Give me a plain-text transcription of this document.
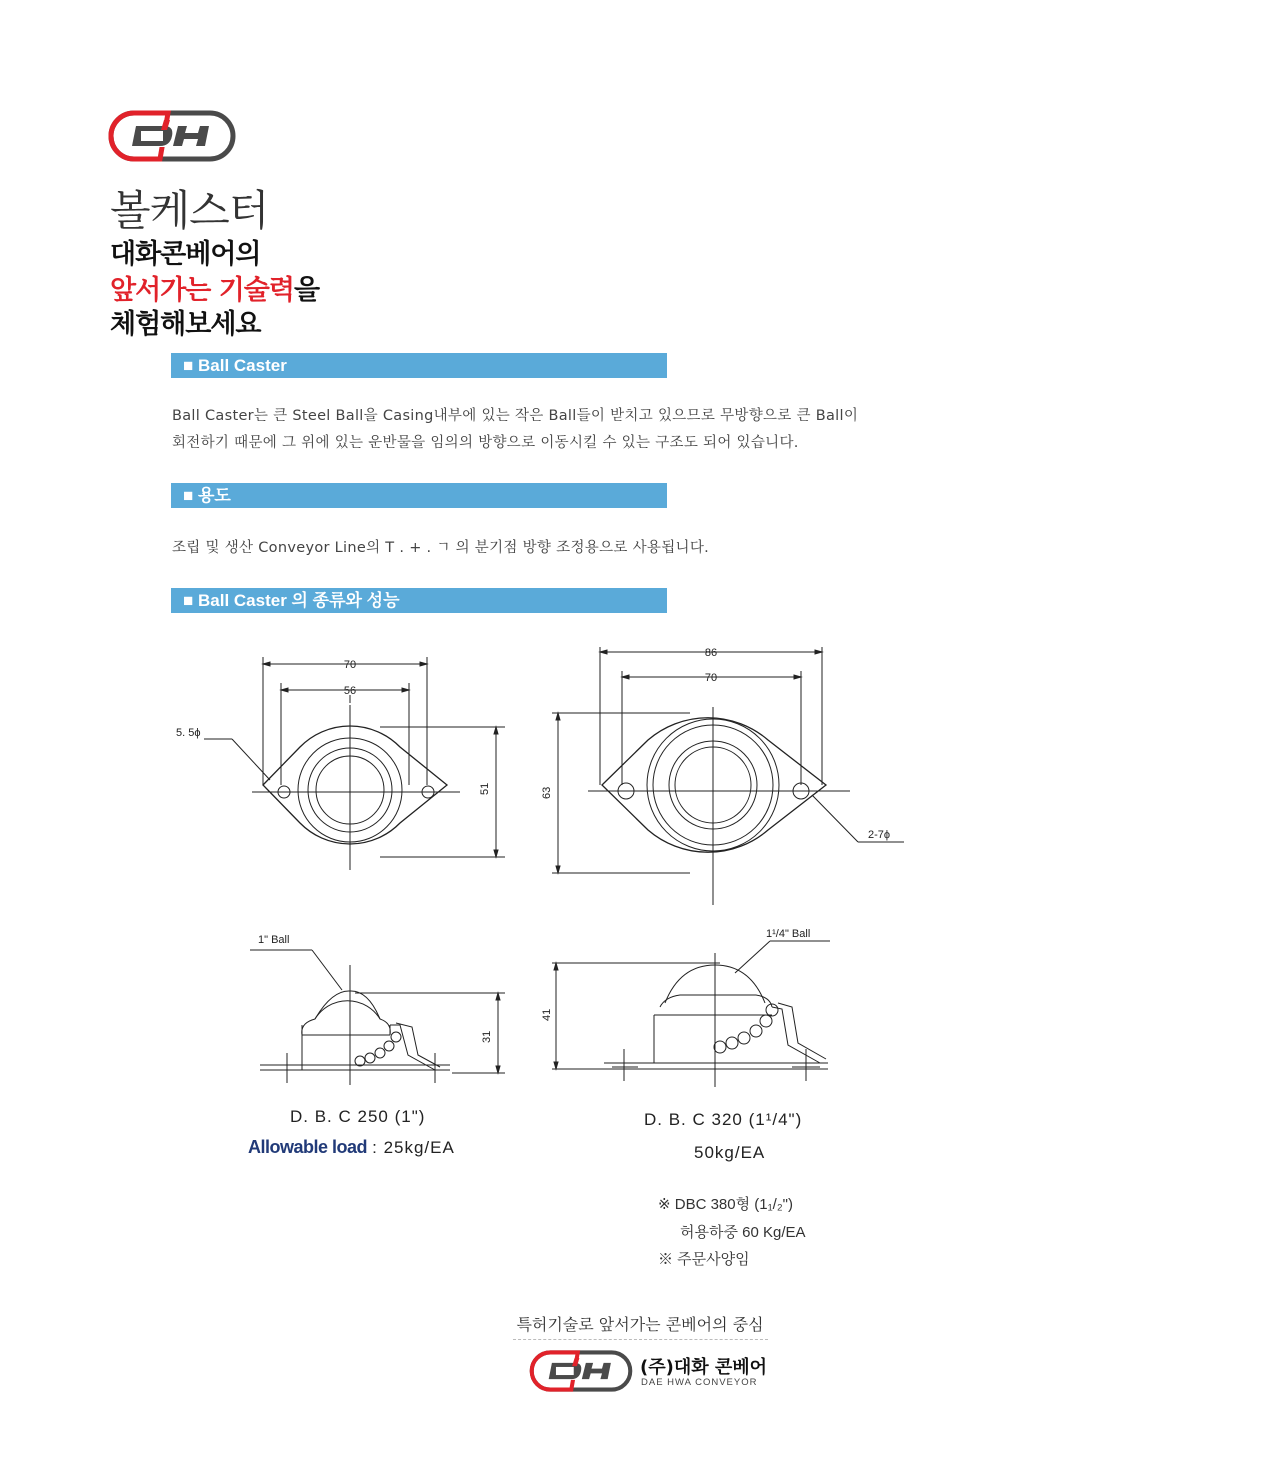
볼케스터
대화콘베어의
앞서가는 기술력을
체험해보세요
■ Ball Caster
Ball Caster는 큰 Steel Ball을 Casing내부에 있는 작은 Ball들이 받치고 있으므로 무방향으로 큰 Ball이
회전하기 때문에 그 위에 있는 운반물을 임의의 방향으로 이동시킬 수 있는 구조도 되어 있습니다.
■ 용도
조립 및 생산 Conveyor Line의 T . + . ㄱ 의 분기점 방향 조정용으로 사용됩니다.
■ Ball Caster 의 종류와 성능
70
56
5. 5ϕ
51
86
70
63
2-7ϕ
1" Ball
31
1¹/4" Ball
41
D. B. C 250 (1")
Allowable load : 25kg/EA
D. B. C 320 (1¹/4")
50kg/EA
※ DBC 380형 (1₁/₂")
허용하중 60 Kg/EA
※ 주문사양임
특허기술로 앞서가는 콘베어의 중심
(주)대화 콘베어
DAE HWA CONVEYOR
